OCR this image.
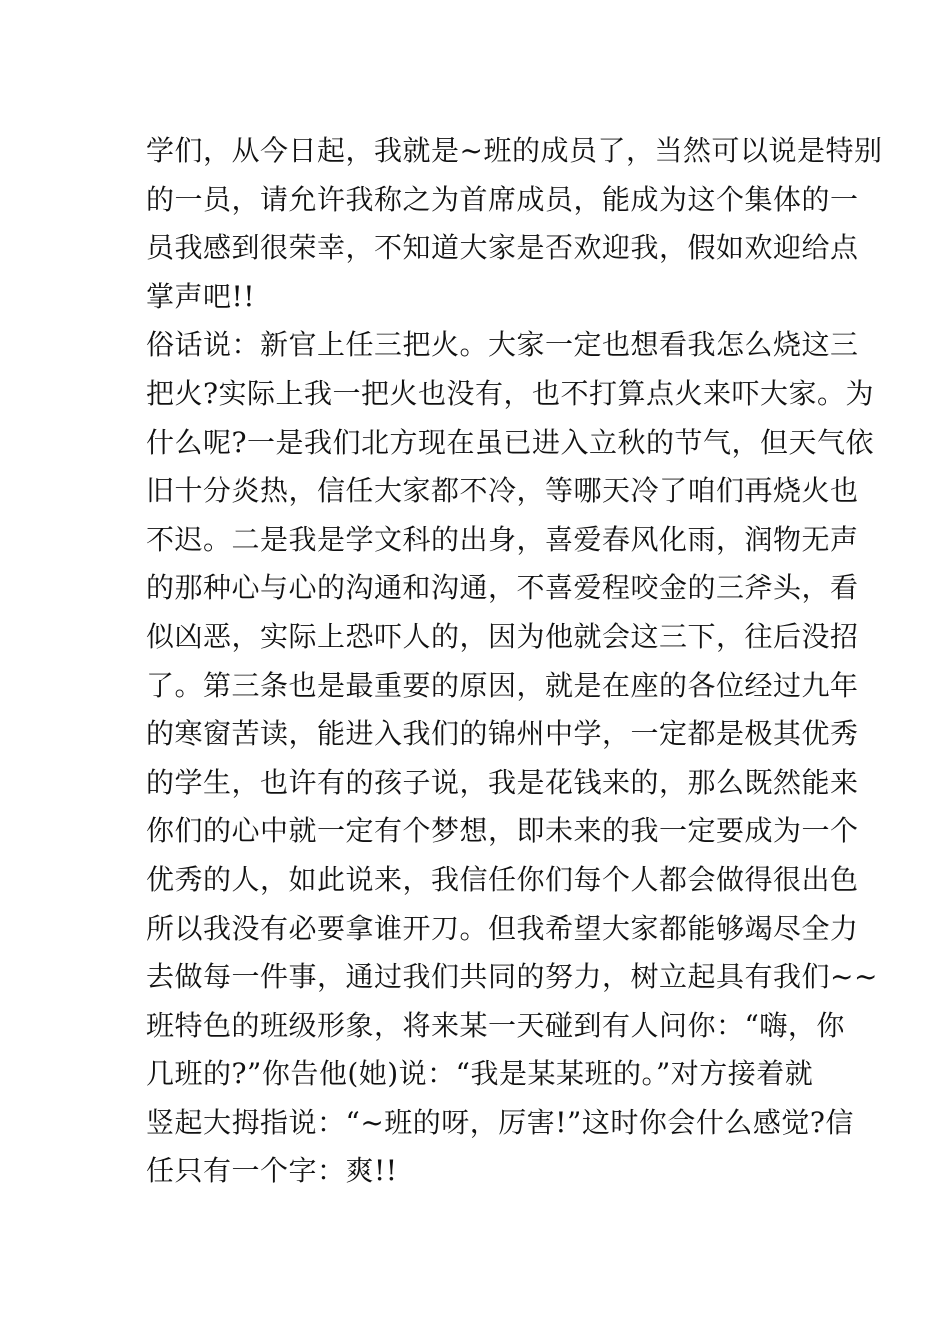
学们，从今日起，我就是~班的成员了，当然可以说是特别
的一员，请允许我称之为首席成员，能成为这个集体的一
员我感到很荣幸，不知道大家是否欢迎我，假如欢迎给点
掌声吧!!
俗话说：新官上任三把火。大家一定也想看我怎么烧这三
把火?实际上我一把火也没有，也不打算点火来吓大家。为
什么呢?一是我们北方现在虽已进入立秋的节气，但天气依
旧十分炎热，信任大家都不冷，等哪天冷了咱们再烧火也
不迟。二是我是学文科的出身，喜爱春风化雨，润物无声
的那种心与心的沟通和沟通，不喜爱程咬金的三斧头，看
似凶恶，实际上恐吓人的，因为他就会这三下，往后没招
了。第三条也是最重要的原因，就是在座的各位经过九年
的寒窗苦读，能进入我们的锦州中学，一定都是极其优秀
的学生，也许有的孩子说，我是花钱来的，那么既然能来
你们的心中就一定有个梦想，即未来的我一定要成为一个
优秀的人，如此说来，我信任你们每个人都会做得很出色
所以我没有必要拿谁开刀。但我希望大家都能够竭尽全力
去做每一件事，通过我们共同的努力，树立起具有我们~~
班特色的班级形象，将来某一天碰到有人问你：“嗨，你
几班的?”你告他(她)说：“我是某某班的。”对方接着就
竖起大拇指说：“~班的呀，厉害!”这时你会什么感觉?信
任只有一个字：爽!!
